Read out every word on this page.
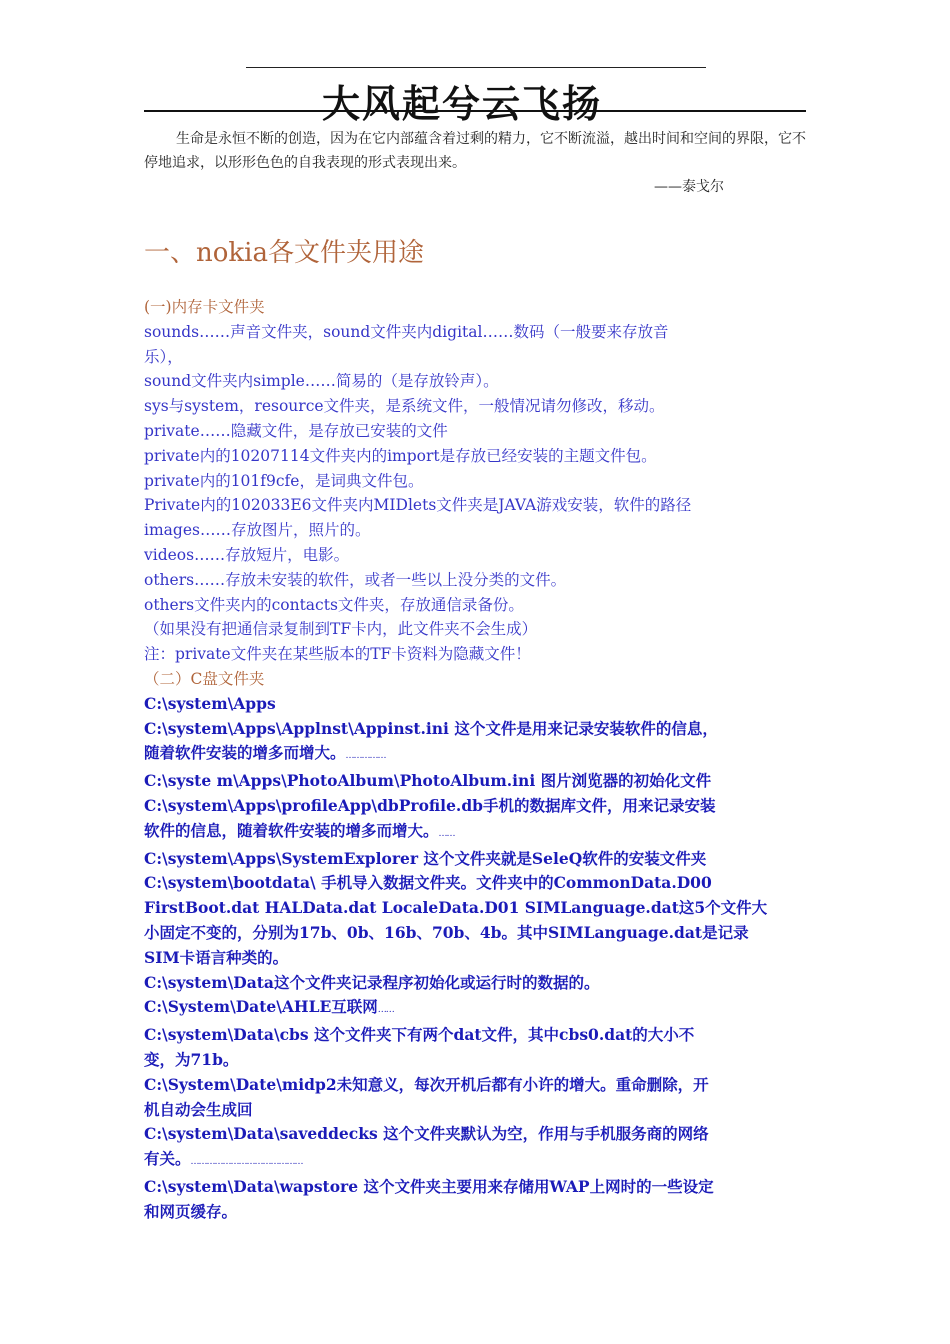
大风起兮云飞扬
生命是永恒不断的创造，因为在它内部蕴含着过剩的精力，它不断流溢，越出时间和空间的界限，它不停地追求，以形形色色的自我表现的形式表现出来。
——泰戈尔
一、nokia各文件夹用途
(一)内存卡文件夹
sounds……声音文件夹，sound文件夹内digital……数码（一般要来存放音
乐），
sound文件夹内simple……简易的（是存放铃声）。
sys与system，resource文件夹，是系统文件，一般情况请勿修改，移动。
private……隐藏文件，是存放已安装的文件
private内的10207114文件夹内的import是存放已经安装的主题文件包。
private内的101f9cfe，是词典文件包。
Private内的102033E6文件夹内MIDlets文件夹是JAVA游戏安装，软件的路径
images……存放图片，照片的。
videos……存放短片，电影。
others……存放未安装的软件，或者一些以上没分类的文件。
others文件夹内的contacts文件夹，存放通信录备份。
（如果没有把通信录复制到TF卡内，此文件夹不会生成）
注：private文件夹在某些版本的TF卡资料为隐藏文件！
（二）C盘文件夹
C:\system\Apps
C:\system\Apps\Applnst\Appinst.ini 这个文件是用来记录安装软件的信息，
随着软件安装的增多而增大。……………
C:\syste m\Apps\PhotoAlbum\PhotoAlbum.ini 图片浏览器的初始化文件
C:\system\Apps\profileApp\dbProfile.db手机的数据库文件，用来记录安装
软件的信息，随着软件安装的增多而增大。……
C:\system\Apps\SystemExplorer 这个文件夹就是SeleQ软件的安装文件夹
C:\system\bootdata\ 手机导入数据文件夹。文件夹中的CommonData.D00
FirstBoot.dat HALData.dat LocaleData.D01 SIMLanguage.dat这5个文件大
小固定不变的，分别为17b、0b、16b、70b、4b。其中SIMLanguage.dat是记录
SIM卡语言种类的。
C:\system\Data这个文件夹记录程序初始化或运行时的数据的。
C:\System\Date\AHLE互联网……
C:\system\Data\cbs 这个文件夹下有两个dat文件，其中cbs0.dat的大小不
变，为71b。
C:\System\Date\midp2未知意义，每次开机后都有小许的增大。重命删除，开
机自动会生成回
C:\system\Data\saveddecks 这个文件夹默认为空，作用与手机服务商的网络
有关。……………………………………
C:\system\Data\wapstore 这个文件夹主要用来存储用WAP上网时的一些设定
和网页缓存。
